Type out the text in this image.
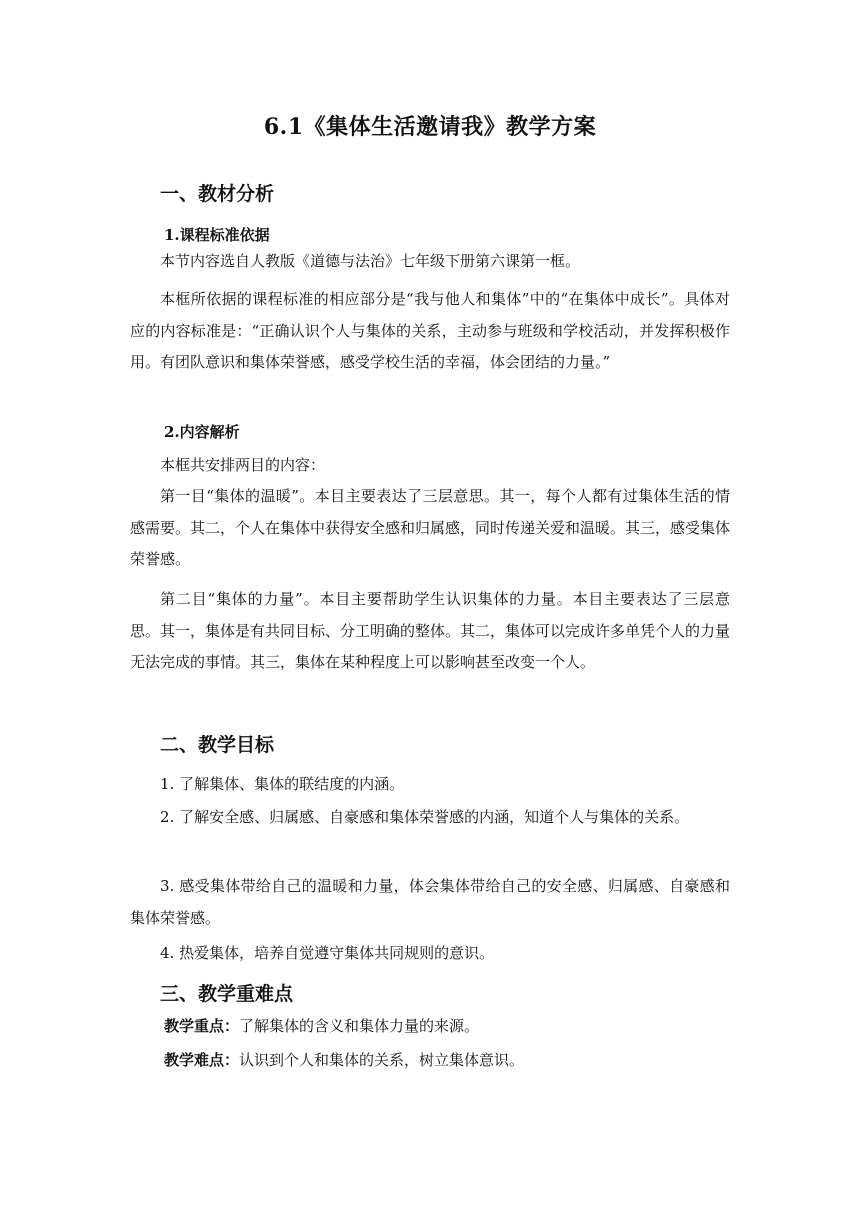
6.1《集体生活邀请我》教学方案
一、教材分析
1.课程标准依据

本节内容选自人教版《道德与法治》七年级下册第六课第一框。

本框所依据的课程标准的相应部分是“我与他人和集体”中的“在集体中成长”。具体对应的内容标准是：“正确认识个人与集体的关系，主动参与班级和学校活动，并发挥积极作用。有团队意识和集体荣誉感，感受学校生活的幸福，体会团结的力量。”

2.内容解析

本框共安排两目的内容：

第一目“集体的温暖”。本目主要表达了三层意思。其一，每个人都有过集体生活的情感需要。其二，个人在集体中获得安全感和归属感，同时传递关爱和温暖。其三，感受集体荣誉感。

第二目“集体的力量”。本目主要帮助学生认识集体的力量。本目主要表达了三层意思。其一，集体是有共同目标、分工明确的整体。其二，集体可以完成许多单凭个人的力量无法完成的事情。其三，集体在某种程度上可以影响甚至改变一个人。

二、教学目标

1. 了解集体、集体的联结度的内涵。

2. 了解安全感、归属感、自豪感和集体荣誉感的内涵，知道个人与集体的关系。

3. 感受集体带给自己的温暖和力量，体会集体带给自己的安全感、归属感、自豪感和集体荣誉感。

4. 热爱集体，培养自觉遵守集体共同规则的意识。

三、教学重难点
教学重点：了解集体的含义和集体力量的来源。
教学难点：认识到个人和集体的关系，树立集体意识。
